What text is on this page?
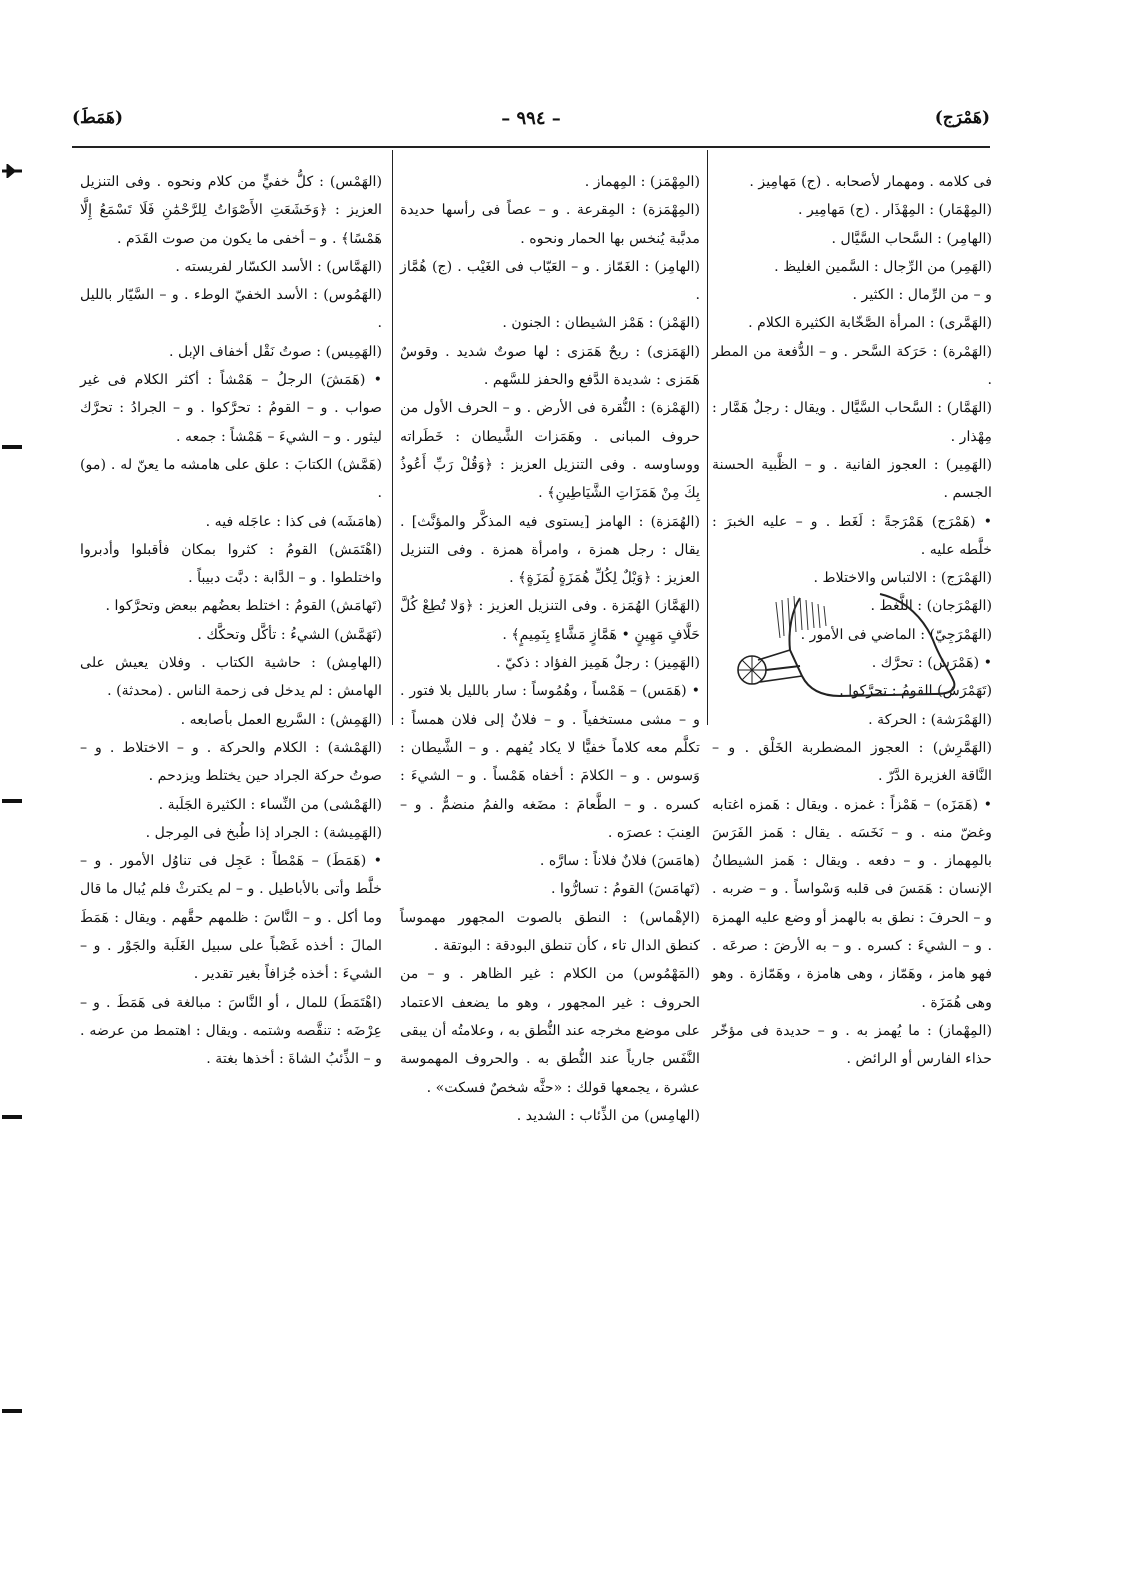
(هَمْرَج)
– ٩٩٤ –
(هَمَطَ)

فى كلامه . ومهمار لأصحابه . (ج) مَهامِيز .

(المِهْمَار) : المِهْذَار . (ج) مَهامِير .

(الهامِر) : السَّحاب السَّيَّال .

(الهَمِر) من الرِّجال : السَّمين الغليظ .

و – من الرِّمال : الكثير .

(الهَمَّرى) : المرأة الصَّخّابة الكثيرة الكلام .

(الهَمْرة) : حَرَكة السَّحر . و – الدُّفعة من المطر .

(الهَمَّار) : السَّحاب السَّيَّال . ويقال : رجلٌ هَمَّار : مِهْذار .

(الهَمِير) : العجوز الفانية . و – الظَّبية الحسنة الجسم .

• (هَمْرَج) هَمْرَجةً : لَغَط . و – عليه الخبرَ : خلَّطه عليه .

(الهَمْرَج) : الالتباس والاختلاط .

(الهَمْرَجان) : اللَّغط .

(الهَمْرَجِيّ) : الماضي فى الأمور .

• (هَمْرَش) : تحرَّك .

(تَهَمْرَش) القومُ : تحرَّكوا .

(الهَمْرَشة) : الحركة .

(الهَمَّرِش) : العجوز المضطربة الخَلْق . و – النَّاقة الغزيرة الدَّرّ .

• (هَمَزَه) – هَمْزاً : غمزه . ويقال : هَمزه اغتابه وغضّ منه . و – نَخَسَه . يقال : هَمز الفَرَسَ بالمِهماز . و – دفعه . ويقال : هَمز الشيطانُ الإنسان : هَمَسَ فى قلبه وَسْواساً . و – ضربه . و – الحرفَ : نطق به بالهمز أو وضع عليه الهمزة . و – الشيءَ : كسره . و – به الأرضَ : صرعَه . فهو هامز ، وهَمّاز ، وهى هامزة ، وهَمّازة . وهو وهى هُمَزَة .

(المِهْماز) : ما يُهمز به . و – حديدة فى مؤخّر حذاء الفارس أو الرائض .

(المِهْمَز) : المِهماز .

(المِهْمَزة) : المِقرعة . و – عصاً فى رأسها حديدة مدبَّبة يُنخس بها الحمار ونحوه .

(الهامِز) : الغَمّاز . و – العَيّاب فى الغَيْب . (ج) هُمَّاز .

(الهَمْز) : هَمْز الشيطان : الجنون .

(الهَمَزى) : ريحٌ هَمَزى : لها صوتٌ شديد . وقوسٌ هَمَزى : شديدة الدَّفع والحفز للسَّهم .

(الهَمْزة) : النُّقرة فى الأرض . و – الحرف الأول من حروف المبانى . وهَمَزات الشَّيطان : خَطَراته ووساوسه . وفى التنزيل العزيز : ﴿وَقُلْ رَبِّ أَعُوذُ بِكَ مِنْ هَمَزَاتِ الشَّيَاطِينِ﴾ .

(الهُمَزة) : الهامز [يستوى فيه المذكَّر والمؤنَّث] . يقال : رجل همزة ، وامرأة همزة . وفى التنزيل العزيز : ﴿وَيْلٌ لِكُلِّ هُمَزَةٍ لُمَزَةٍ﴾ .

(الهَمَّاز) الهُمَزة . وفى التنزيل العزيز : ﴿وَلا تُطِعْ كُلَّ حَلَّافٍ مَهِينٍ • هَمَّازٍ مَشَّاءٍ بِنَمِيمٍ﴾ .

(الهَمِيز) : رجلٌ هَمِيز الفؤاد : ذكيّ .

• (هَمَس) – هَمْساً ، وهُمُوساً : سار بالليل بلا فتور . و – مشى مستخفياً . و – فلانٌ إلى فلان همساً : تكلَّم معه كلاماً خفيًّا لا يكاد يُفهم . و – الشَّيطان : وَسوس . و – الكلامَ : أخفاه هَمْساً . و – الشيءَ : كسره . و – الطَّعامَ : مضَغه والفمُ منضمٌّ . و – العِنبَ : عصرَه .

(هامَسَ) فلانٌ فلاناً : سارَّه .

(تَهامَسَ) القومُ : تسارُّوا .

(الإهْماس) : النطق بالصوت المجهور مهموساً كنطق الدال تاء ، كأن تنطق البودقة : البوتقة .

(المَهْمُوس) من الكلام : غير الظاهر . و – من الحروف : غير المجهور ، وهو ما يضعف الاعتماد على موضع مخرجه عند النُّطق به ، وعلامتُه أن يبقى النَّفَس جارياً عند النُّطق به . والحروف المهموسة عشرة ، يجمعها قولك : «حثَّه شخصٌ فسكت» .

(الهامِس) من الذِّئاب : الشديد .

(الهَمْس) : كلُّ خفيٍّ من كلام ونحوه . وفى التنزيل العزيز : ﴿وَخَشَعَتِ الأَصْوَاتُ لِلرَّحْمَٰنِ فَلَا تَسْمَعُ إِلَّا هَمْسًا﴾ . و – أخفى ما يكون من صوت القَدَم .

(الهَمَّاس) : الأسد الكسّار لفريسته .

(الهَمُوس) : الأسد الخفيّ الوطء . و – السَّيّار بالليل .

(الهَمِيس) : صوتُ نَقْل أخفاف الإبل .

• (هَمَشَ) الرجلُ – هَمْشاً : أكثر الكلام فى غير صواب . و – القومُ : تحرَّكوا . و – الجرادُ : تحرَّك ليثور . و – الشيءَ – هَمْشاً : جمعه .

(هَمَّش) الكتابَ : علق على هامشه ما يعنّ له . (مو) .

(هامَشَه) فى كذا : عاجَله فيه .

(اهْتَمَش) القومُ : كثروا بمكان فأقبلوا وأدبروا واختلطوا . و – الدَّابة : دبَّت دبيباً .

(تَهامَش) القومُ : اختلط بعضُهم ببعض وتحرَّكوا .

(تَهَمَّش) الشيءُ : تأكَّل وتحكَّك .

(الهامِش) : حاشية الكتاب . وفلان يعيش على الهامش : لم يدخل فى زحمة الناس . (محدثة) .

(الهَمِش) : السَّريع العمل بأصابعه .

(الهَمْشة) : الكلام والحركة . و – الاختلاط . و – صوتُ حركة الجراد حين يختلط ويزدحم .

(الهَمْشى) من النِّساء : الكثيرة الجَلَبة .

(الهَمِيشة) : الجراد إذا طُبخ فى المِرجل .

• (هَمَطَ) – هَمْطاً : عَجِل فى تناوُل الأمور . و – خلَّط وأتى بالأباطيل . و – لم يكترثْ فلم يُبال ما قال وما أكل . و – النَّاسَ : ظلمهم حقَّهم . ويقال : هَمَطَ المالَ : أخذه غَصْباً على سبيل الغَلَبة والجَوْر . و – الشيءَ : أخذه جُزافاً بغير تقدير .

(اهْتَمَطَ) للمال ، أو النَّاسَ : مبالغة فى هَمَطَ . و – عِرْضَه : تنقَّصه وشتمه . ويقال : اهتمط من عرضه . و – الذِّئبُ الشاةَ : أخذها بغتة .
